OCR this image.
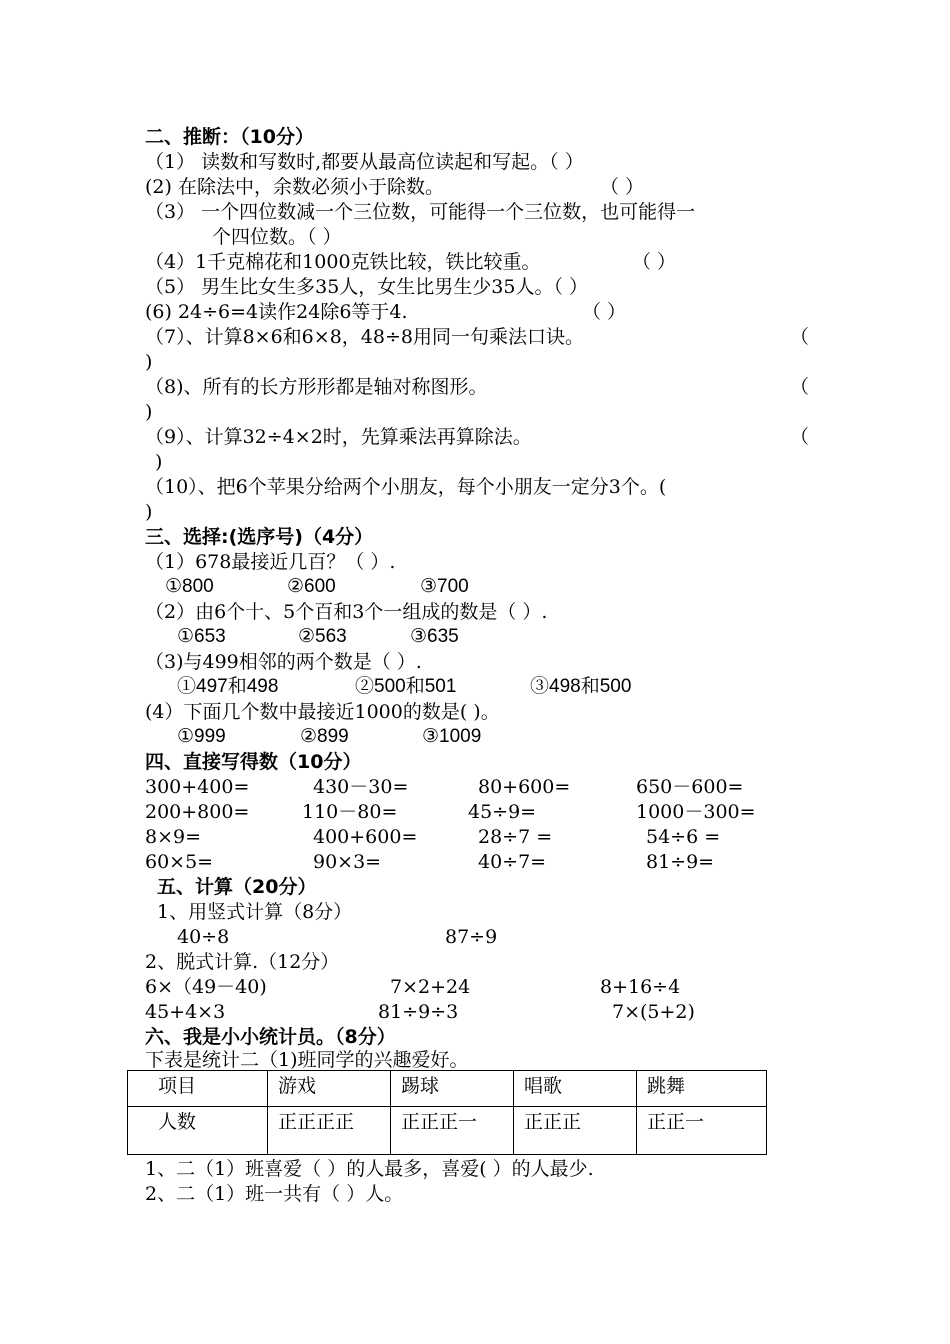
二、推断：（10分）
（1） 读数和写数时,都要从最高位读起和写起。（ ）
(2) 在除法中，余数必须小于除数。	（ ）
（3） 一个四位数减一个三位数，可能得一个三位数，也可能得一
个四位数。（ ）
（4）1千克棉花和1000克铁比较，铁比较重。	（ ）
（5） 男生比女生多35人，女生比男生少35人。（ ）
(6) 24÷6=4读作24除6等于4.	（ ）
（7）、计算8×6和6×8，48÷8用同一句乘法口诀。	（
)
（8)、所有的长方形形都是轴对称图形。	（
)
（9）、计算32÷4×2时，先算乘法再算除法。	（
)
（10）、把6个苹果分给两个小朋友，每个小朋友一定分3个。(
)
三、选择:(选序号)（4分）
（1）678最接近几百？（ ）.
①800	②600	③700
（2）由6个十、5个百和3个一组成的数是（ ）.
①653	②563	③635
（3)与499相邻的两个数是（ ）.
①497和498	②500和501	③498和500
(4）下面几个数中最接近1000的数是( )。
①999	②899	③1009
四、直接写得数（10分）
300+400=	430－30=	80+600=	650－600=
200+800=	110－80=	45÷9=	1000－300=
8×9=	400+600=	28÷7 =	54÷6 =
60×5=	90×3=	40÷7=	81÷9=
五、计算（20分）
1、用竖式计算（8分）
40÷8	87÷9
2、脱式计算.（12分）
6×（49－40)	7×2+24	8+16÷4
45+4×3	81÷9÷3	7×(5+2)
六、我是小小统计员。（8分）
下表是统计二（1)班同学的兴趣爱好。
项目	游戏	踢球	唱歌	跳舞
人数	正正正正	正正正一	正正正	正正一
1、二（1）班喜爱（ ）的人最多，喜爱( ）的人最少.
2、二（1）班一共有（ ）人。
